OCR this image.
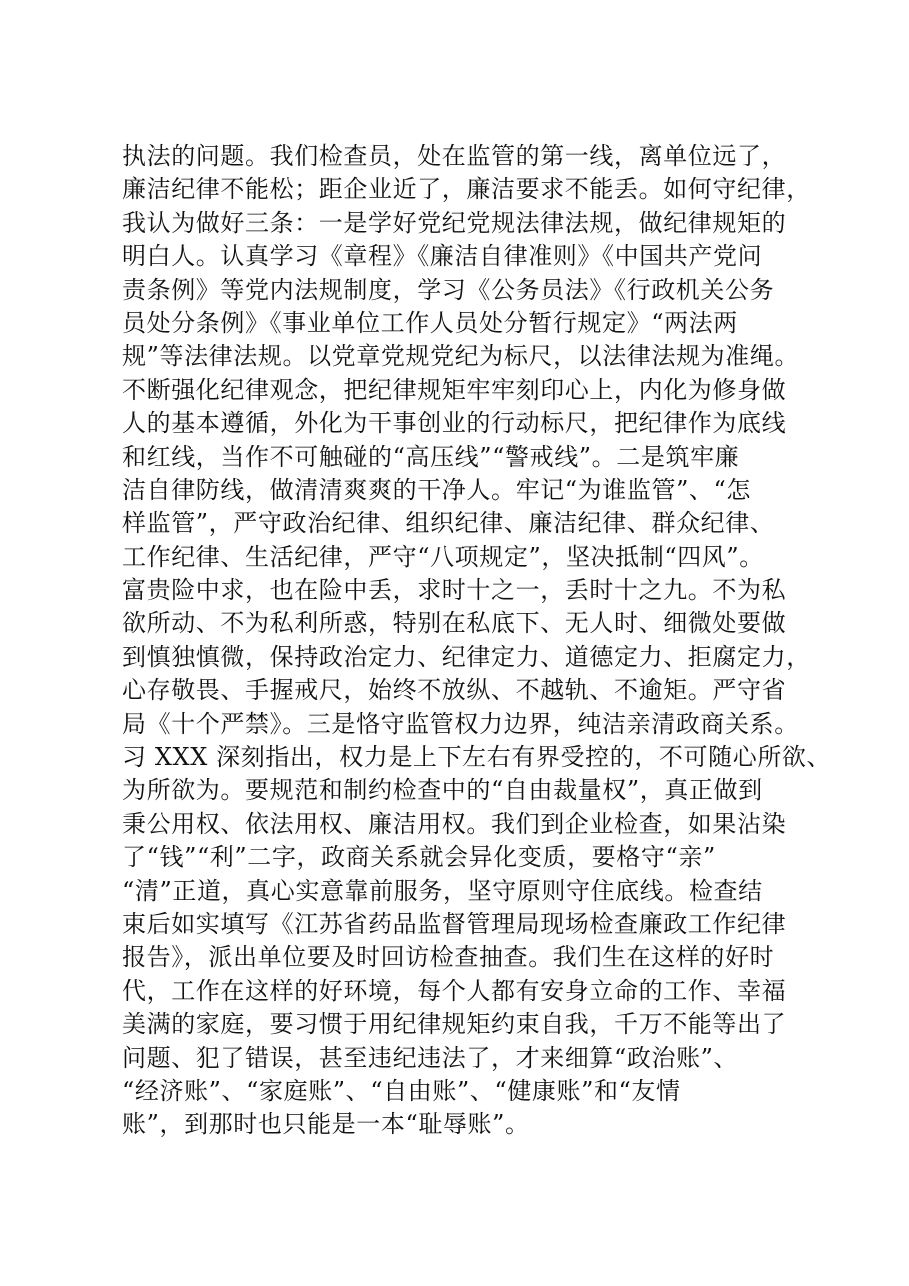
执法的问题。我们检查员，处在监管的第一线，离单位远了，
廉洁纪律不能松；距企业近了，廉洁要求不能丢。如何守纪律，
我认为做好三条：一是学好党纪党规法律法规，做纪律规矩的
明白人。认真学习《章程》《廉洁自律准则》《中国共产党问
责条例》等党内法规制度，学习《公务员法》《行政机关公务
员处分条例》《事业单位工作人员处分暂行规定》“两法两
规”等法律法规。以党章党规党纪为标尺，以法律法规为准绳。
不断强化纪律观念，把纪律规矩牢牢刻印心上，内化为修身做
人的基本遵循，外化为干事创业的行动标尺，把纪律作为底线
和红线，当作不可触碰的“高压线”“警戒线”。二是筑牢廉
洁自律防线，做清清爽爽的干净人。牢记“为谁监管”、“怎
样监管”，严守政治纪律、组织纪律、廉洁纪律、群众纪律、
工作纪律、生活纪律，严守“八项规定”，坚决抵制“四风”。
富贵险中求，也在险中丢，求时十之一，丢时十之九。不为私
欲所动、不为私利所惑，特别在私底下、无人时、细微处要做
到慎独慎微，保持政治定力、纪律定力、道德定力、拒腐定力，
心存敬畏、手握戒尺，始终不放纵、不越轨、不逾矩。严守省
局《十个严禁》。三是恪守监管权力边界，纯洁亲清政商关系。
习 XXX 深刻指出，权力是上下左右有界受控的，不可随心所欲、
为所欲为。要规范和制约检查中的“自由裁量权”，真正做到
秉公用权、依法用权、廉洁用权。我们到企业检查，如果沾染
了“钱”“利”二字，政商关系就会异化变质，要格守“亲”
“清”正道，真心实意靠前服务，坚守原则守住底线。检查结
束后如实填写《江苏省药品监督管理局现场检查廉政工作纪律
报告》，派出单位要及时回访检查抽查。我们生在这样的好时
代，工作在这样的好环境，每个人都有安身立命的工作、幸福
美满的家庭，要习惯于用纪律规矩约束自我，千万不能等出了
问题、犯了错误，甚至违纪违法了，才来细算“政治账”、
“经济账”、“家庭账”、“自由账”、“健康账”和“友情
账”，到那时也只能是一本“耻辱账”。
